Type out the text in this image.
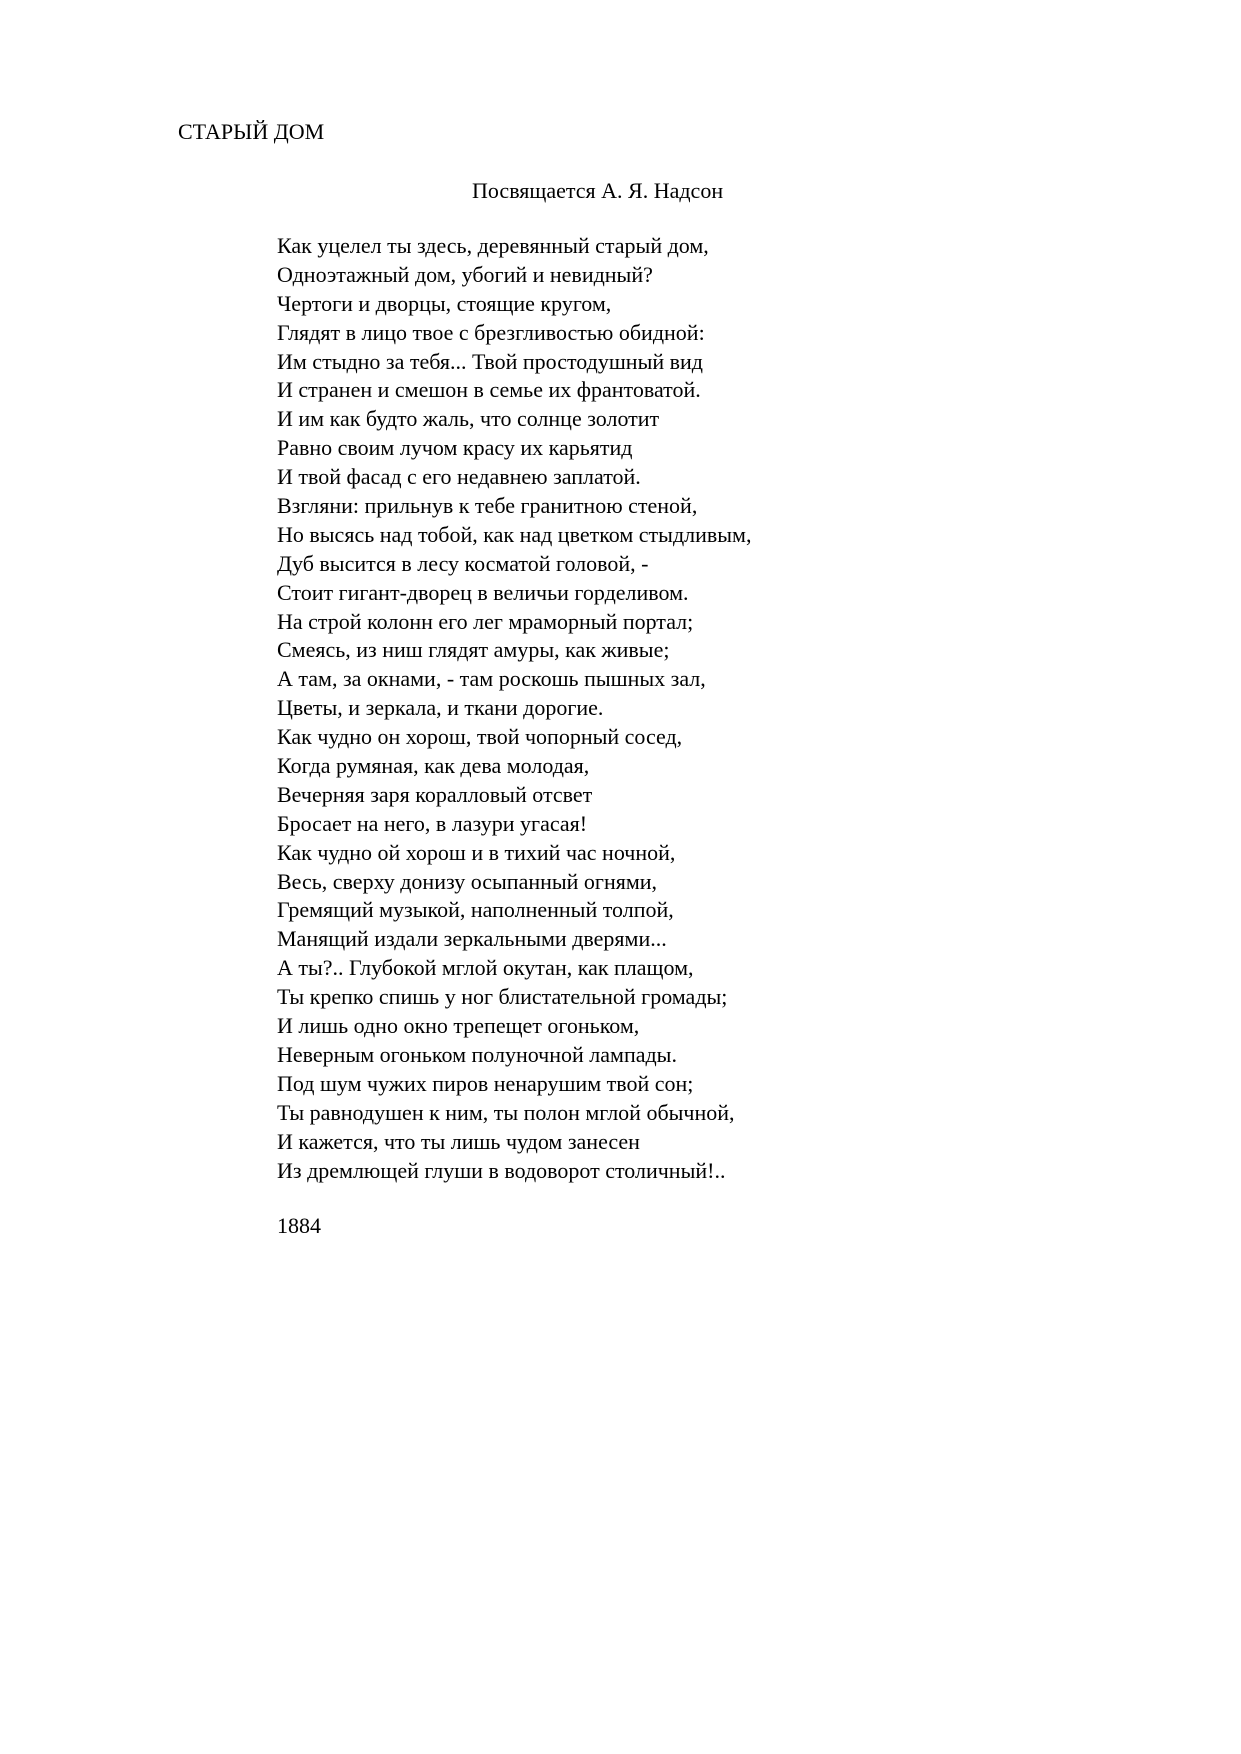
СТАРЫЙ ДОМ
Посвящается А. Я. Надсон
Как уцелел ты здесь, деревянный старый дом,
Одноэтажный дом, убогий и невидный?
Чертоги и дворцы, стоящие кругом,
Глядят в лицо твое с брезгливостью обидной:
Им стыдно за тебя... Твой простодушный вид
И странен и смешон в семье их франтоватой.
И им как будто жаль, что солнце золотит
Равно своим лучом красу их карьятид
И твой фасад с его недавнею заплатой.
Взгляни: прильнув к тебе гранитною стеной,
Но высясь над тобой, как над цветком стыдливым,
Дуб высится в лесу косматой головой, -
Стоит гигант-дворец в величьи горделивом.
На строй колонн его лег мраморный портал;
Смеясь, из ниш глядят амуры, как живые;
А там, за окнами, - там роскошь пышных зал,
Цветы, и зеркала, и ткани дорогие.
Как чудно он хорош, твой чопорный сосед,
Когда румяная, как дева молодая,
Вечерняя заря коралловый отсвет
Бросает на него, в лазури угасая!
Как чудно ой хорош и в тихий час ночной,
Весь, сверху донизу осыпанный огнями,
Гремящий музыкой, наполненный толпой,
Манящий издали зеркальными дверями...
А ты?.. Глубокой мглой окутан, как плащом,
Ты крепко спишь у ног блистательной громады;
И лишь одно окно трепещет огоньком,
Неверным огоньком полуночной лампады.
Под шум чужих пиров ненарушим твой сон;
Ты равнодушен к ним, ты полон мглой обычной,
И кажется, что ты лишь чудом занесен
Из дремлющей глуши в водоворот столичный!..
1884
